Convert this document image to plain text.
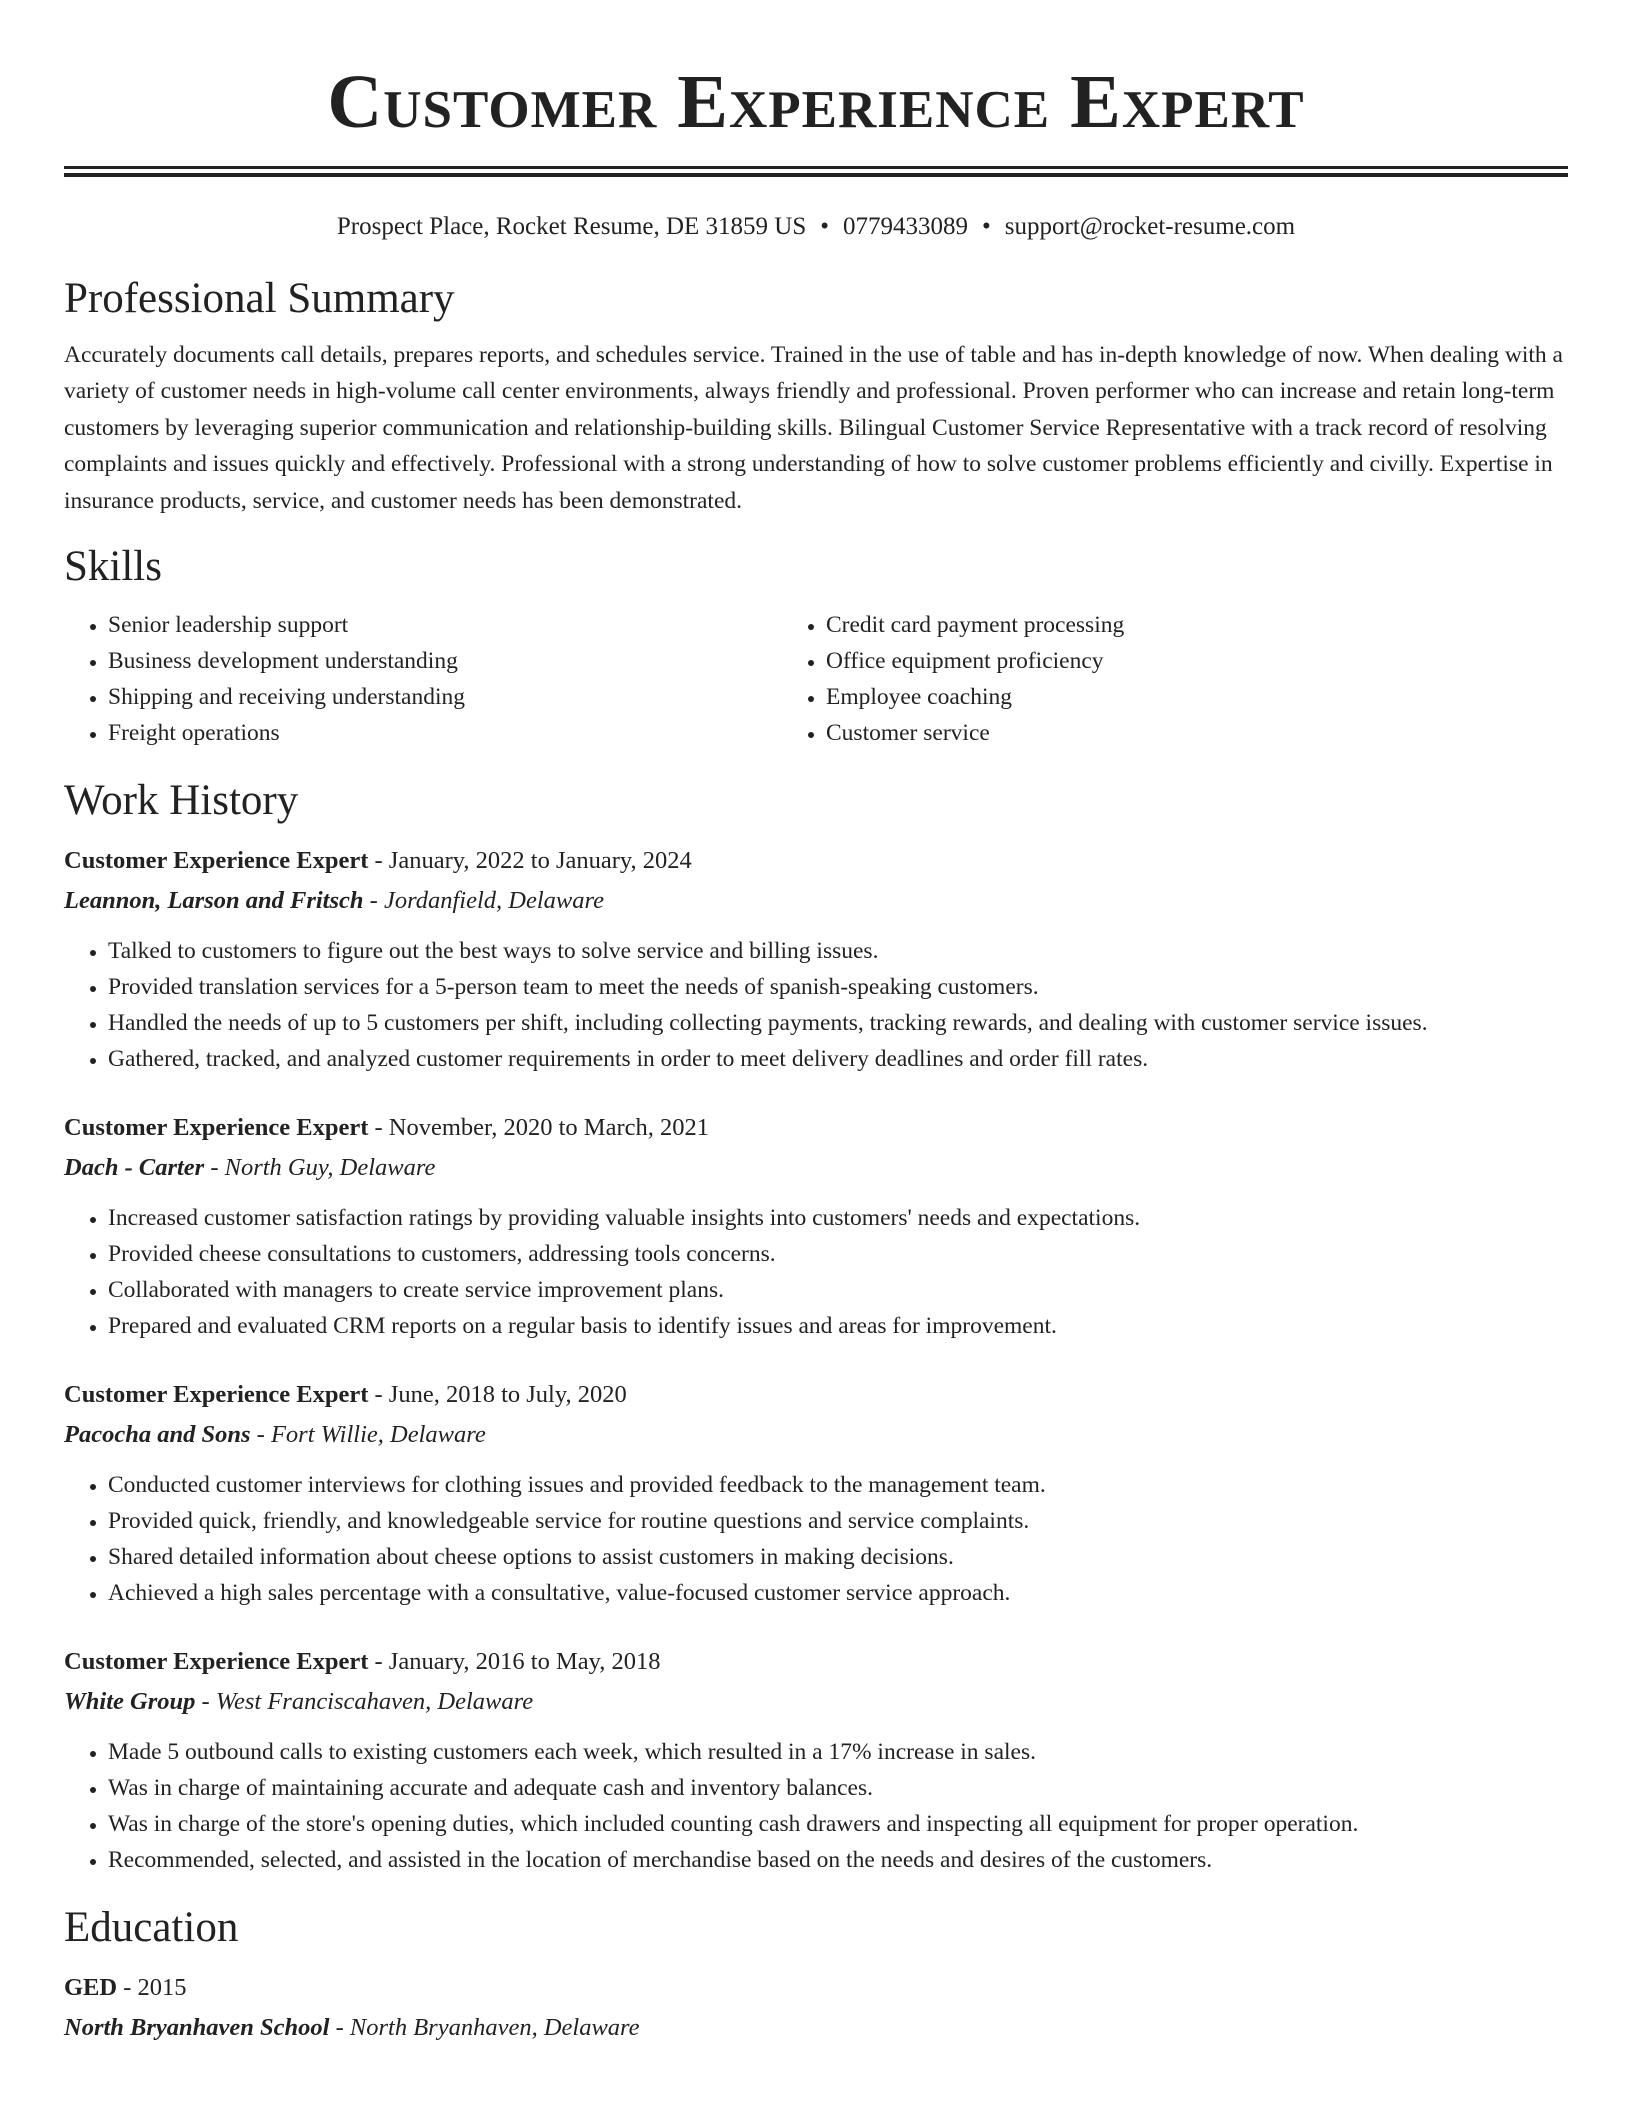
Customer Experience Expert
Prospect Place, Rocket Resume, DE 31859 US • 0779433089 • support@rocket-resume.com
Professional Summary

Accurately documents call details, prepares reports, and schedules service. Trained in the use of table and has in-depth knowledge of now. When dealing with a variety of customer needs in high-volume call center environments, always friendly and professional. Proven performer who can increase and retain long-term customers by leveraging superior communication and relationship-building skills. Bilingual Customer Service Representative with a track record of resolving complaints and issues quickly and effectively. Professional with a strong understanding of how to solve customer problems efficiently and civilly. Expertise in insurance products, service, and customer needs has been demonstrated.

Skills
• Senior leadership support
• Business development understanding
• Shipping and receiving understanding
• Freight operations
• Credit card payment processing
• Office equipment proficiency
• Employee coaching
• Customer service
Work History
Customer Experience Expert - January, 2022 to January, 2024
Leannon, Larson and Fritsch - Jordanfield, Delaware
• Talked to customers to figure out the best ways to solve service and billing issues.
• Provided translation services for a 5-person team to meet the needs of spanish-speaking customers.
• Handled the needs of up to 5 customers per shift, including collecting payments, tracking rewards, and dealing with customer service issues.
• Gathered, tracked, and analyzed customer requirements in order to meet delivery deadlines and order fill rates.
Customer Experience Expert - November, 2020 to March, 2021
Dach - Carter - North Guy, Delaware
• Increased customer satisfaction ratings by providing valuable insights into customers' needs and expectations.
• Provided cheese consultations to customers, addressing tools concerns.
• Collaborated with managers to create service improvement plans.
• Prepared and evaluated CRM reports on a regular basis to identify issues and areas for improvement.
Customer Experience Expert - June, 2018 to July, 2020
Pacocha and Sons - Fort Willie, Delaware
• Conducted customer interviews for clothing issues and provided feedback to the management team.
• Provided quick, friendly, and knowledgeable service for routine questions and service complaints.
• Shared detailed information about cheese options to assist customers in making decisions.
• Achieved a high sales percentage with a consultative, value-focused customer service approach.
Customer Experience Expert - January, 2016 to May, 2018
White Group - West Franciscahaven, Delaware
• Made 5 outbound calls to existing customers each week, which resulted in a 17% increase in sales.
• Was in charge of maintaining accurate and adequate cash and inventory balances.
• Was in charge of the store's opening duties, which included counting cash drawers and inspecting all equipment for proper operation.
• Recommended, selected, and assisted in the location of merchandise based on the needs and desires of the customers.
Education
GED - 2015
North Bryanhaven School - North Bryanhaven, Delaware
